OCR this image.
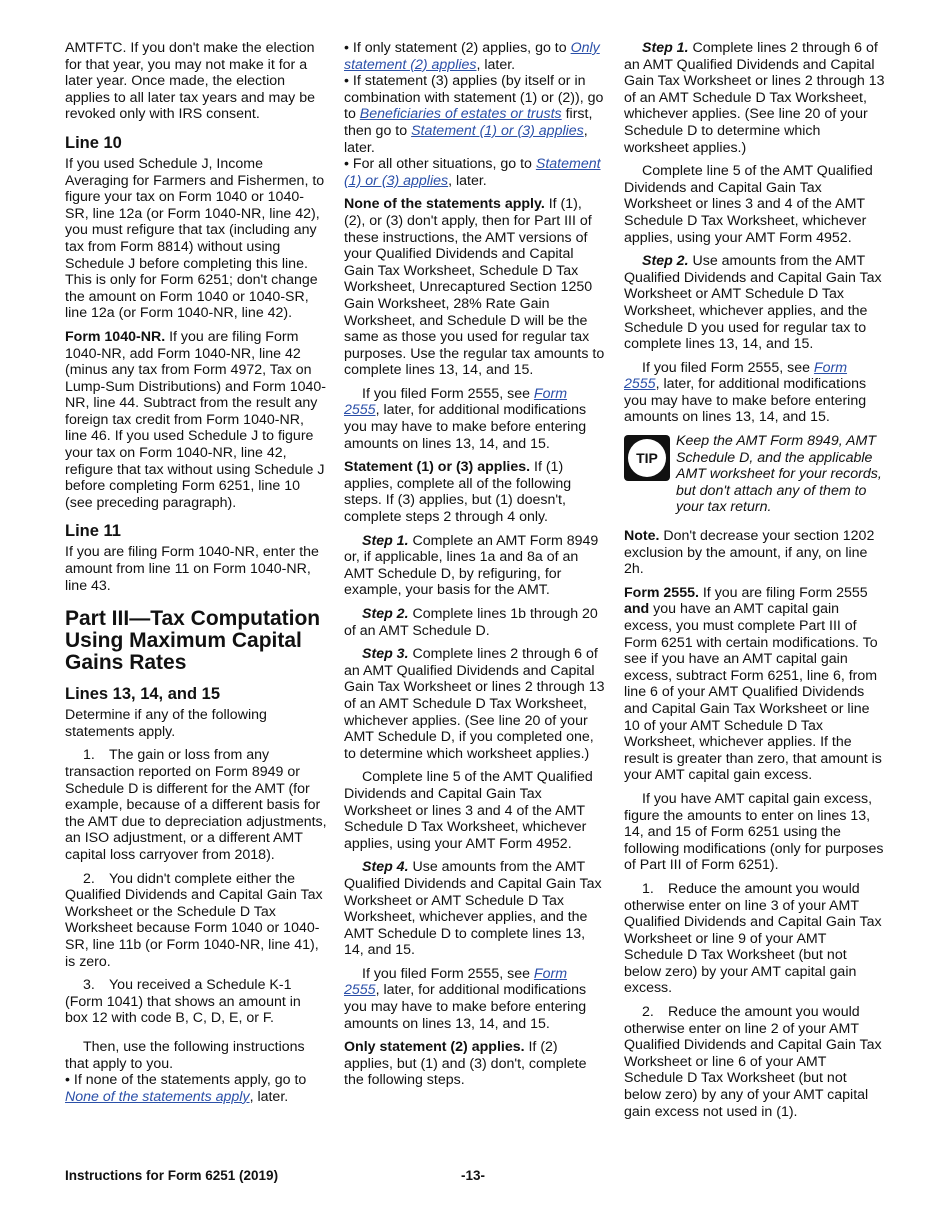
AMTFTC. If you don't make the election for that year, you may not make it for a later year. Once made, the election applies to all later tax years and may be revoked only with IRS consent.

Line 10

If you used Schedule J, Income Averaging for Farmers and Fishermen, to figure your tax on Form 1040 or 1040-SR, line 12a (or Form 1040-NR, line 42), you must refigure that tax (including any tax from Form 8814) without using Schedule J before completing this line. This is only for Form 6251; don't change the amount on Form 1040 or 1040-SR, line 12a (or Form 1040-NR, line 42).

Form 1040-NR. If you are filing Form 1040-NR, add Form 1040-NR, line 42 (minus any tax from Form 4972, Tax on Lump-Sum Distributions) and Form 1040-NR, line 44. Subtract from the result any foreign tax credit from Form 1040-NR, line 46. If you used Schedule J to figure your tax on Form 1040-NR, line 42, refigure that tax without using Schedule J before completing Form 6251, line 10 (see preceding paragraph).

Line 11

If you are filing Form 1040-NR, enter the amount from line 11 on Form 1040-NR, line 43.

Part III—Tax Computation Using Maximum Capital Gains Rates
Lines 13, 14, and 15

Determine if any of the following statements apply.

1. The gain or loss from any transaction reported on Form 8949 or Schedule D is different for the AMT (for example, because of a different basis for the AMT due to depreciation adjustments, an ISO adjustment, or a different AMT capital loss carryover from 2018).

2. You didn't complete either the Qualified Dividends and Capital Gain Tax Worksheet or the Schedule D Tax Worksheet because Form 1040 or 1040-SR, line 11b (or Form 1040-NR, line 41), is zero.

3. You received a Schedule K-1 (Form 1041) that shows an amount in box 12 with code B, C, D, E, or F.

Then, use the following instructions that apply to you.

• If none of the statements apply, go to None of the statements apply, later.

• If only statement (2) applies, go to Only statement (2) applies, later.

• If statement (3) applies (by itself or in combination with statement (1) or (2)), go to Beneficiaries of estates or trusts first, then go to Statement (1) or (3) applies, later.

• For all other situations, go to Statement (1) or (3) applies, later.

None of the statements apply. If (1), (2), or (3) don't apply, then for Part III of these instructions, the AMT versions of your Qualified Dividends and Capital Gain Tax Worksheet, Schedule D Tax Worksheet, Unrecaptured Section 1250 Gain Worksheet, 28% Rate Gain Worksheet, and Schedule D will be the same as those you used for regular tax purposes. Use the regular tax amounts to complete lines 13, 14, and 15.

If you filed Form 2555, see Form 2555, later, for additional modifications you may have to make before entering amounts on lines 13, 14, and 15.

Statement (1) or (3) applies. If (1) applies, complete all of the following steps. If (3) applies, but (1) doesn't, complete steps 2 through 4 only.

Step 1. Complete an AMT Form 8949 or, if applicable, lines 1a and 8a of an AMT Schedule D, by refiguring, for example, your basis for the AMT.

Step 2. Complete lines 1b through 20 of an AMT Schedule D.

Step 3. Complete lines 2 through 6 of an AMT Qualified Dividends and Capital Gain Tax Worksheet or lines 2 through 13 of an AMT Schedule D Tax Worksheet, whichever applies. (See line 20 of your AMT Schedule D, if you completed one, to determine which worksheet applies.)

Complete line 5 of the AMT Qualified Dividends and Capital Gain Tax Worksheet or lines 3 and 4 of the AMT Schedule D Tax Worksheet, whichever applies, using your AMT Form 4952.

Step 4. Use amounts from the AMT Qualified Dividends and Capital Gain Tax Worksheet or AMT Schedule D Tax Worksheet, whichever applies, and the AMT Schedule D to complete lines 13, 14, and 15.

If you filed Form 2555, see Form 2555, later, for additional modifications you may have to make before entering amounts on lines 13, 14, and 15.

Only statement (2) applies. If (2) applies, but (1) and (3) don't, complete the following steps.

Step 1. Complete lines 2 through 6 of an AMT Qualified Dividends and Capital Gain Tax Worksheet or lines 2 through 13 of an AMT Schedule D Tax Worksheet, whichever applies. (See line 20 of your Schedule D to determine which worksheet applies.)

Complete line 5 of the AMT Qualified Dividends and Capital Gain Tax Worksheet or lines 3 and 4 of the AMT Schedule D Tax Worksheet, whichever applies, using your AMT Form 4952.

Step 2. Use amounts from the AMT Qualified Dividends and Capital Gain Tax Worksheet or AMT Schedule D Tax Worksheet, whichever applies, and the Schedule D you used for regular tax to complete lines 13, 14, and 15.

If you filed Form 2555, see Form 2555, later, for additional modifications you may have to make before entering amounts on lines 13, 14, and 15.

TIP
Keep the AMT Form 8949, AMT Schedule D, and the applicable AMT worksheet for your records, but don't attach any of them to your tax return.

Note. Don't decrease your section 1202 exclusion by the amount, if any, on line 2h.

Form 2555. If you are filing Form 2555 and you have an AMT capital gain excess, you must complete Part III of Form 6251 with certain modifications. To see if you have an AMT capital gain excess, subtract Form 6251, line 6, from line 6 of your AMT Qualified Dividends and Capital Gain Tax Worksheet or line 10 of your AMT Schedule D Tax Worksheet, whichever applies. If the result is greater than zero, that amount is your AMT capital gain excess.

If you have AMT capital gain excess, figure the amounts to enter on lines 13, 14, and 15 of Form 6251 using the following modifications (only for purposes of Part III of Form 6251).

1. Reduce the amount you would otherwise enter on line 3 of your AMT Qualified Dividends and Capital Gain Tax Worksheet or line 9 of your AMT Schedule D Tax Worksheet (but not below zero) by your AMT capital gain excess.

2. Reduce the amount you would otherwise enter on line 2 of your AMT Qualified Dividends and Capital Gain Tax Worksheet or line 6 of your AMT Schedule D Tax Worksheet (but not below zero) by any of your AMT capital gain excess not used in (1).

Instructions for Form 6251 (2019)	-13-
